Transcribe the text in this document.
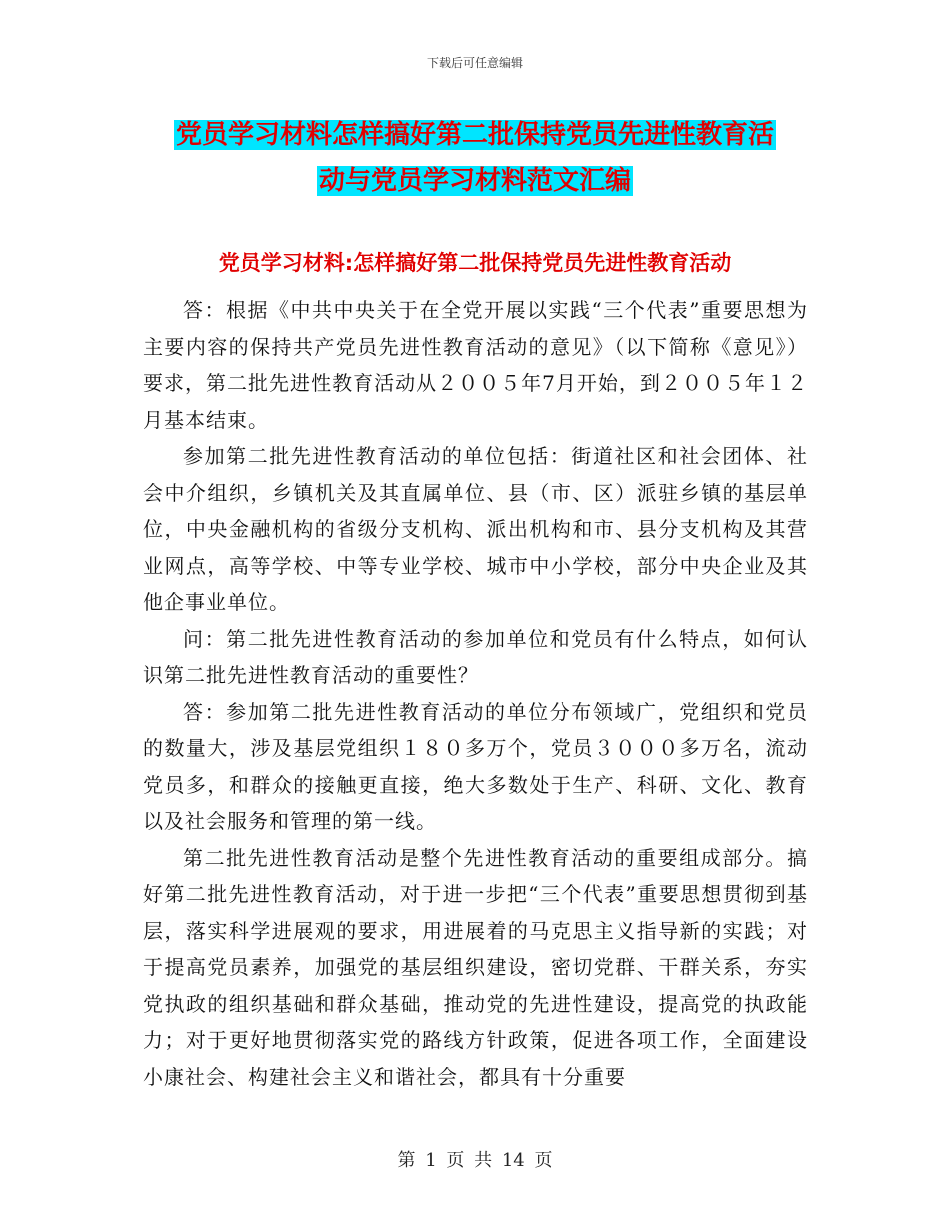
下载后可任意编辑
党员学习材料怎样搞好第二批保持党员先进性教育活
动与党员学习材料范文汇编
党员学习材料:怎样搞好第二批保持党员先进性教育活动

答：根据《中共中央关于在全党开展以实践“三个代表”重要思想为主要内容的保持共产党员先进性教育活动的意见》（以下简称《意见》）要求，第二批先进性教育活动从２００５年7月开始，到２００５年１２月基本结束。

参加第二批先进性教育活动的单位包括：街道社区和社会团体、社会中介组织，乡镇机关及其直属单位、县（市、区）派驻乡镇的基层单位，中央金融机构的省级分支机构、派出机构和市、县分支机构及其营业网点，高等学校、中等专业学校、城市中小学校，部分中央企业及其他企事业单位。

问：第二批先进性教育活动的参加单位和党员有什么特点，如何认识第二批先进性教育活动的重要性？

答：参加第二批先进性教育活动的单位分布领域广，党组织和党员的数量大，涉及基层党组织１８０多万个，党员３０００多万名，流动党员多，和群众的接触更直接，绝大多数处于生产、科研、文化、教育以及社会服务和管理的第一线。

第二批先进性教育活动是整个先进性教育活动的重要组成部分。搞好第二批先进性教育活动，对于进一步把“三个代表”重要思想贯彻到基层，落实科学进展观的要求，用进展着的马克思主义指导新的实践；对于提高党员素养，加强党的基层组织建设，密切党群、干群关系，夯实党执政的组织基础和群众基础，推动党的先进性建设，提高党的执政能力；对于更好地贯彻落实党的路线方针政策，促进各项工作，全面建设小康社会、构建社会主义和谐社会，都具有十分重要

第 1 页 共 14 页
